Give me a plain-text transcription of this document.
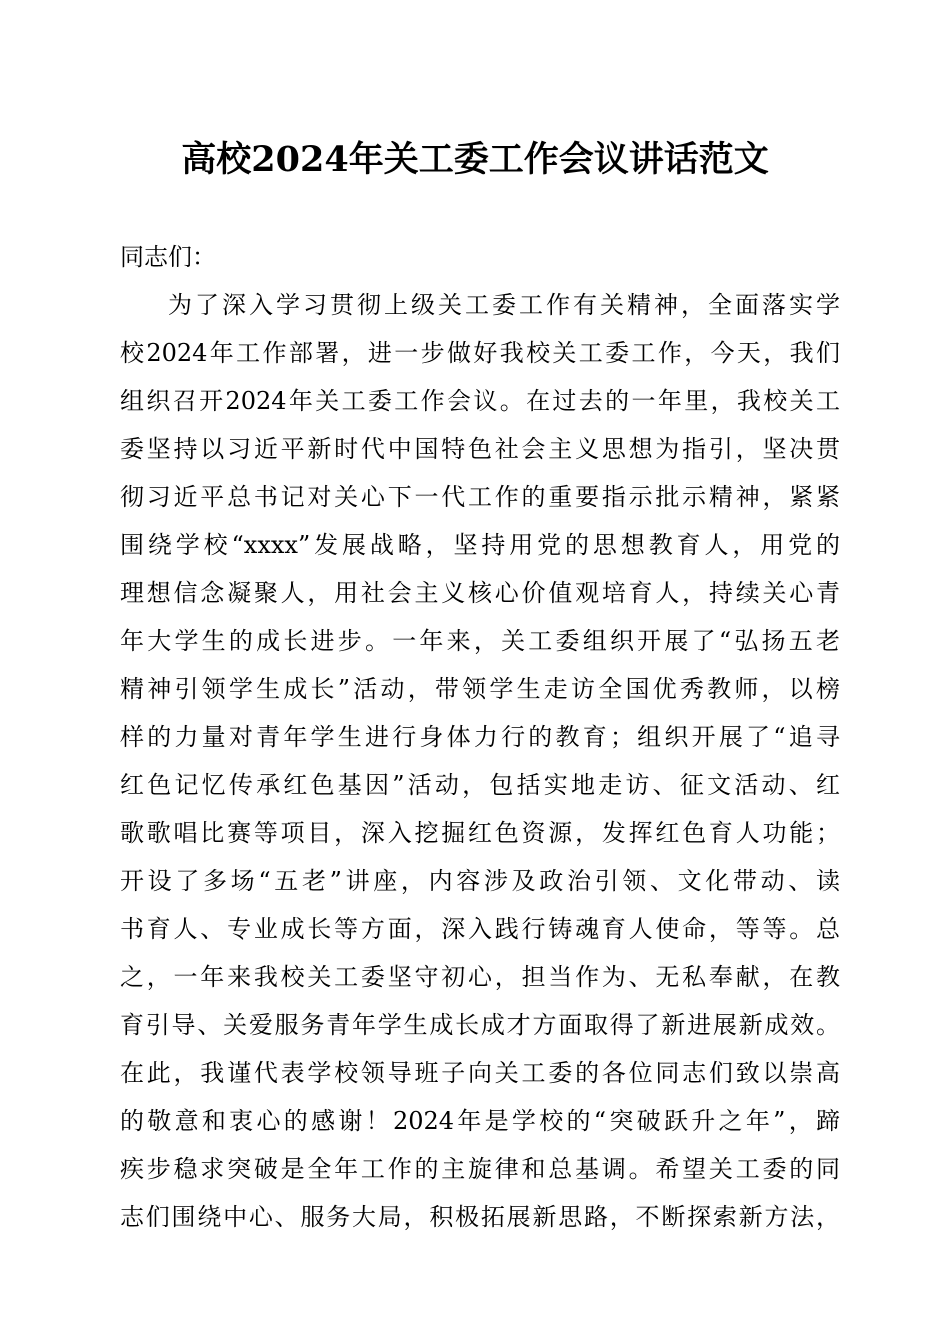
高校2024年关工委工作会议讲话范文
同志们：
为了深入学习贯彻上级关工委工作有关精神，全面落实学
校2024年工作部署，进一步做好我校关工委工作，今天，我们
组织召开2024年关工委工作会议。在过去的一年里，我校关工
委坚持以习近平新时代中国特色社会主义思想为指引，坚决贯
彻习近平总书记对关心下一代工作的重要指示批示精神，紧紧
围绕学校“xxxx”发展战略，坚持用党的思想教育人，用党的
理想信念凝聚人，用社会主义核心价值观培育人，持续关心青
年大学生的成长进步。一年来，关工委组织开展了“弘扬五老
精神引领学生成长”活动，带领学生走访全国优秀教师，以榜
样的力量对青年学生进行身体力行的教育；组织开展了“追寻
红色记忆传承红色基因”活动，包括实地走访、征文活动、红
歌歌唱比赛等项目，深入挖掘红色资源，发挥红色育人功能；
开设了多场“五老”讲座，内容涉及政治引领、文化带动、读
书育人、专业成长等方面，深入践行铸魂育人使命，等等。总
之，一年来我校关工委坚守初心，担当作为、无私奉献，在教
育引导、关爱服务青年学生成长成才方面取得了新进展新成效。
在此，我谨代表学校领导班子向关工委的各位同志们致以崇高
的敬意和衷心的感谢！2024年是学校的“突破跃升之年”，蹄
疾步稳求突破是全年工作的主旋律和总基调。希望关工委的同
志们围绕中心、服务大局，积极拓展新思路，不断探索新方法，
